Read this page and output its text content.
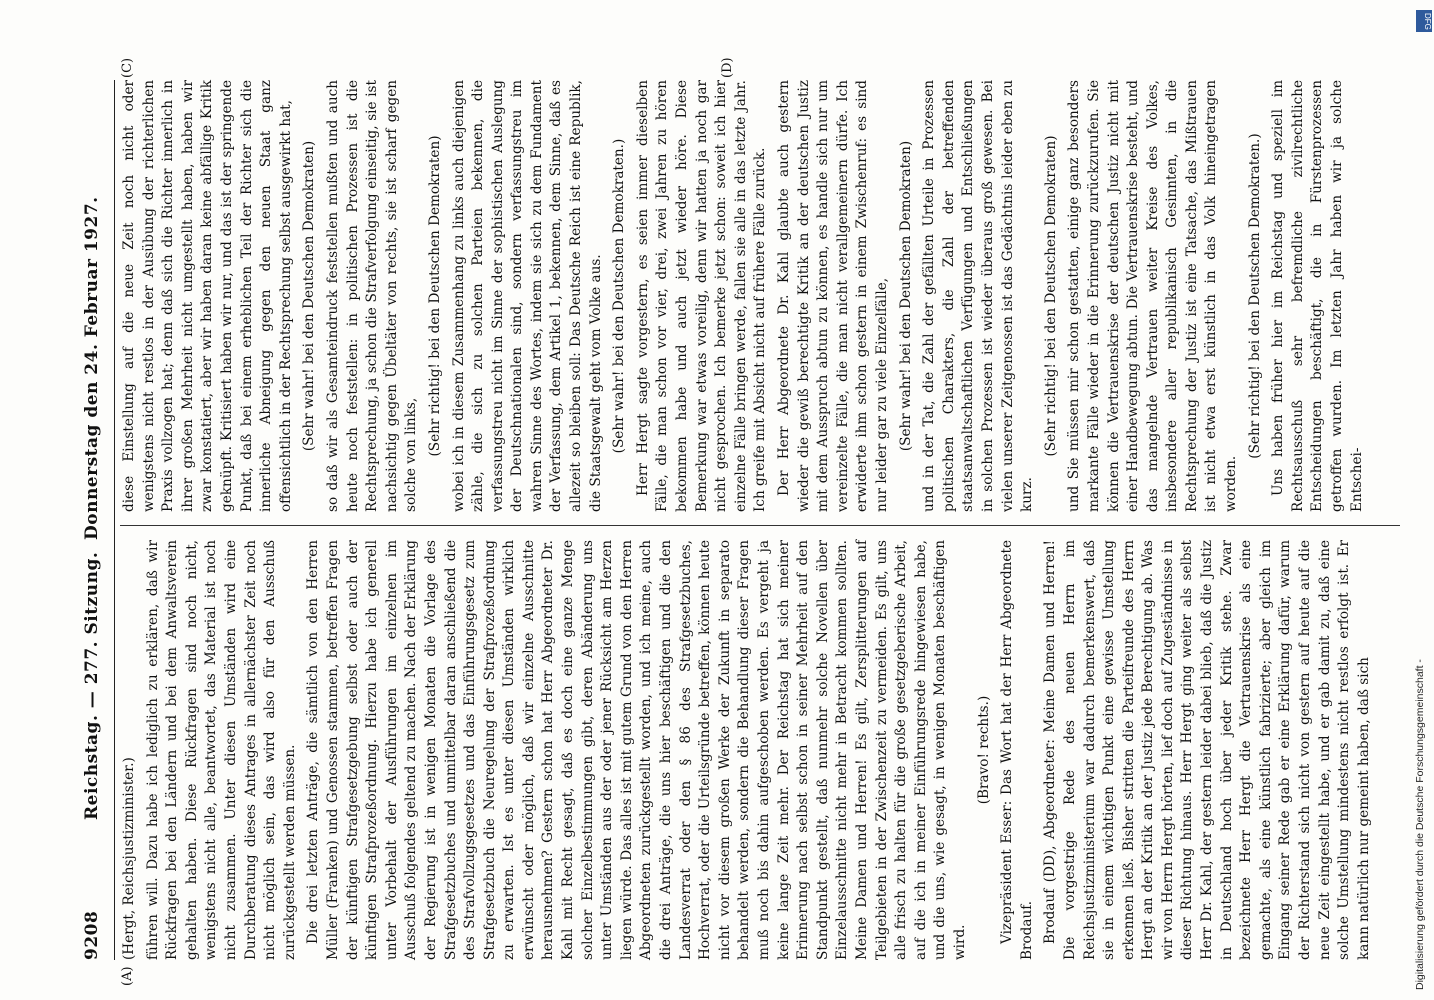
9208
Reichstag. — 277. Sitzung.
Donnerstag den 24. Februar 1927.
(A)
(C)	(D)

(Hergt, Reichsjustizminister.) führen will. Dazu habe ich lediglich zu erklären, daß wir Rückfragen bei den Ländern und bei dem Anwaltsverein gehalten haben. Diese Rückfragen sind noch nicht, wenigstens nicht alle, beantwortet, das Material ist noch nicht zusammen. Unter diesen Umständen wird eine Durchberatung dieses Antrages in allernächster Zeit noch nicht möglich sein, das wird also für den Ausschuß zurückgestellt werden müssen. Die drei letzten Anträge, die sämtlich von den Herren Müller (Franken) und Genossen stammen, betreffen Fragen der künftigen Strafgesetzgebung selbst oder auch der künftigen Strafprozeßordnung. Hierzu habe ich generell unter Vorbehalt der Ausführungen im einzelnen im Ausschuß folgendes geltend zu machen. Nach der Erklärung der Regierung ist in wenigen Monaten die Vorlage des Strafgesetzbuches und unmittelbar daran anschließend die des Strafvollzugsgesetzes und das Einführungsgesetz zum Strafgesetzbuch die Neuregelung der Strafprozeßordnung zu erwarten. Ist es unter diesen Umständen wirklich erwünscht oder möglich, daß wir einzelne Ausschnitte herausnehmen? Gestern schon hat Herr Abgeordneter Dr. Kahl mit Recht gesagt, daß es doch eine ganze Menge solcher Einzelbestimmungen gibt, deren Abänderung uns unter Umständen aus der oder jener Rücksicht am Herzen liegen würde. Das alles ist mit gutem Grund von den Herren Abgeordneten zurückgestellt worden, und ich meine, auch die drei Anträge, die uns hier beschäftigen und die den Landesverrat oder den § 86 des Strafgesetzbuches, Hochverrat, oder die Urteilsgründe betreffen, können heute nicht vor diesem großen Werke der Zukunft in separato behandelt werden, sondern die Behandlung dieser Fragen muß noch bis dahin aufgeschoben werden. Es vergeht ja keine lange Zeit mehr. Der Reichstag hat sich meiner Erinnerung nach selbst schon in seiner Mehrheit auf den Standpunkt gestellt, daß nunmehr solche Novellen über Einzelausschnitte nicht mehr in Betracht kommen sollten. Meine Damen und Herren! Es gilt, Zersplitterungen auf Teilgebieten in der Zwischenzeit zu vermeiden. Es gilt, uns alle frisch zu halten für die große gesetzgeberische Arbeit, auf die ich in meiner Einführungsrede hingewiesen habe, und die uns, wie gesagt, in wenigen Monaten beschäftigen wird.

(Bravo! rechts.) Vizepräsident Esser: Das Wort hat der Herr Abgeordnete Brodauf. Brodauf (DD), Abgeordneter: Meine Damen und Herren! Die vorgestrige Rede des neuen Herrn im Reichsjustizministerium war dadurch bemerkenswert, daß sie in einem wichtigen Punkt eine gewisse Umstellung erkennen ließ. Bisher stritten die Parteifreunde des Herrn Hergt an der Kritik an der Justiz jede Berechtigung ab. Was wir von Herrn Hergt hörten, lief doch auf Zugeständnisse in dieser Richtung hinaus. Herr Hergt ging weiter als selbst Herr Dr. Kahl, der gestern leider dabei blieb, daß die Justiz in Deutschland hoch über jeder Kritik stehe. Zwar bezeichnete Herr Hergt die Vertrauenskrise als eine gemachte, als eine künstlich fabrizierte; aber gleich im Eingang seiner Rede gab er eine Erklärung dafür, warum der Richterstand sich nicht von gestern auf heute auf die neue Zeit eingestellt habe, und er gab damit zu, daß eine solche Umstellung mindestens nicht restlos erfolgt ist. Er kann natürlich nur gemeint haben, daß sich

diese Einstellung auf die neue Zeit noch nicht oder wenigstens nicht restlos in der Ausübung der richterlichen Praxis vollzogen hat; denn daß sich die Richter innerlich in ihrer großen Mehrheit nicht umgestellt haben, haben wir zwar konstatiert, aber wir haben daran keine abfällige Kritik geknüpft. Kritisiert haben wir nur, und das ist der springende Punkt, daß bei einem erheblichen Teil der Richter sich die innerliche Abneigung gegen den neuen Staat ganz offensichtlich in der Rechtsprechung selbst ausgewirkt hat, (Sehr wahr! bei den Deutschen Demokraten) so daß wir als Gesamteindruck feststellen mußten und auch heute noch feststellen: in politischen Prozessen ist die Rechtsprechung, ja schon die Strafverfolgung einseitig, sie ist nachsichtig gegen Übeltäter von rechts, sie ist scharf gegen solche von links, (Sehr richtig! bei den Deutschen Demokraten) wobei ich in diesem Zusammenhang zu links auch diejenigen zähle, die sich zu solchen Parteien bekennen, die verfassungstreu nicht im Sinne der sophistischen Auslegung der Deutschnationalen sind, sondern verfassungstreu im wahren Sinne des Wortes, indem sie sich zu dem Fundament der Verfassung, dem Artikel 1, bekennen, dem Sinne, daß es allezeit so bleiben soll: Das Deutsche Reich ist eine Republik, die Staatsgewalt geht vom Volke aus. (Sehr wahr! bei den Deutschen Demokraten.) Herr Hergt sagte vorgestern, es seien immer dieselben Fälle, die man schon vor vier, drei, zwei Jahren zu hören bekommen habe und auch jetzt wieder höre. Diese Bemerkung war etwas voreilig, denn wir hatten ja noch gar nicht gesprochen. Ich bemerke jetzt schon: soweit ich hier einzelne Fälle bringen werde, fallen sie alle in das letzte Jahr. Ich greife mit Absicht nicht auf frühere Fälle zurück. Der Herr Abgeordnete Dr. Kahl glaubte auch gestern wieder die gewiß berechtigte Kritik an der deutschen Justiz mit dem Ausspruch abtun zu können, es handle sich nur um vereinzelte Fälle, die man nicht verallgemeinern dürfe. Ich erwiderte ihm schon gestern in einem Zwischenruf: es sind nur leider gar zu viele Einzelfälle, (Sehr wahr! bei den Deutschen Demokraten) und in der Tat, die Zahl der gefällten Urteile in Prozessen politischen Charakters, die Zahl der betreffenden staatsanwaltschaftlichen Verfügungen und Entschließungen in solchen Prozessen ist wieder überaus groß gewesen. Bei vielen unserer Zeitgenossen ist das Gedächtnis leider eben zu kurz.

(Sehr richtig! bei den Deutschen Demokraten) und Sie müssen mir schon gestatten, einige ganz besonders markante Fälle wieder in die Erinnerung zurückzurufen. Sie können die Vertrauenskrise der deutschen Justiz nicht mit einer Handbewegung abtun. Die Vertrauenskrise besteht, und das mangelnde Vertrauen weiter Kreise des Volkes, insbesondere aller republikanisch Gesinnten, in die Rechtsprechung der Justiz ist eine Tatsache, das Mißtrauen ist nicht etwa erst künstlich in das Volk hineingetragen worden.

(Sehr richtig! bei den Deutschen Demokraten.) Uns haben früher hier im Reichstag und speziell im Rechtsausschuß sehr befremdliche zivilrechtliche Entscheidungen beschäftigt, die in Fürstenprozessen getroffen wurden. Im letzten Jahr haben wir ja solche Entschei-

Digitalisierung gefördert durch die Deutsche Forschungsgemeinschaft -
DFG
